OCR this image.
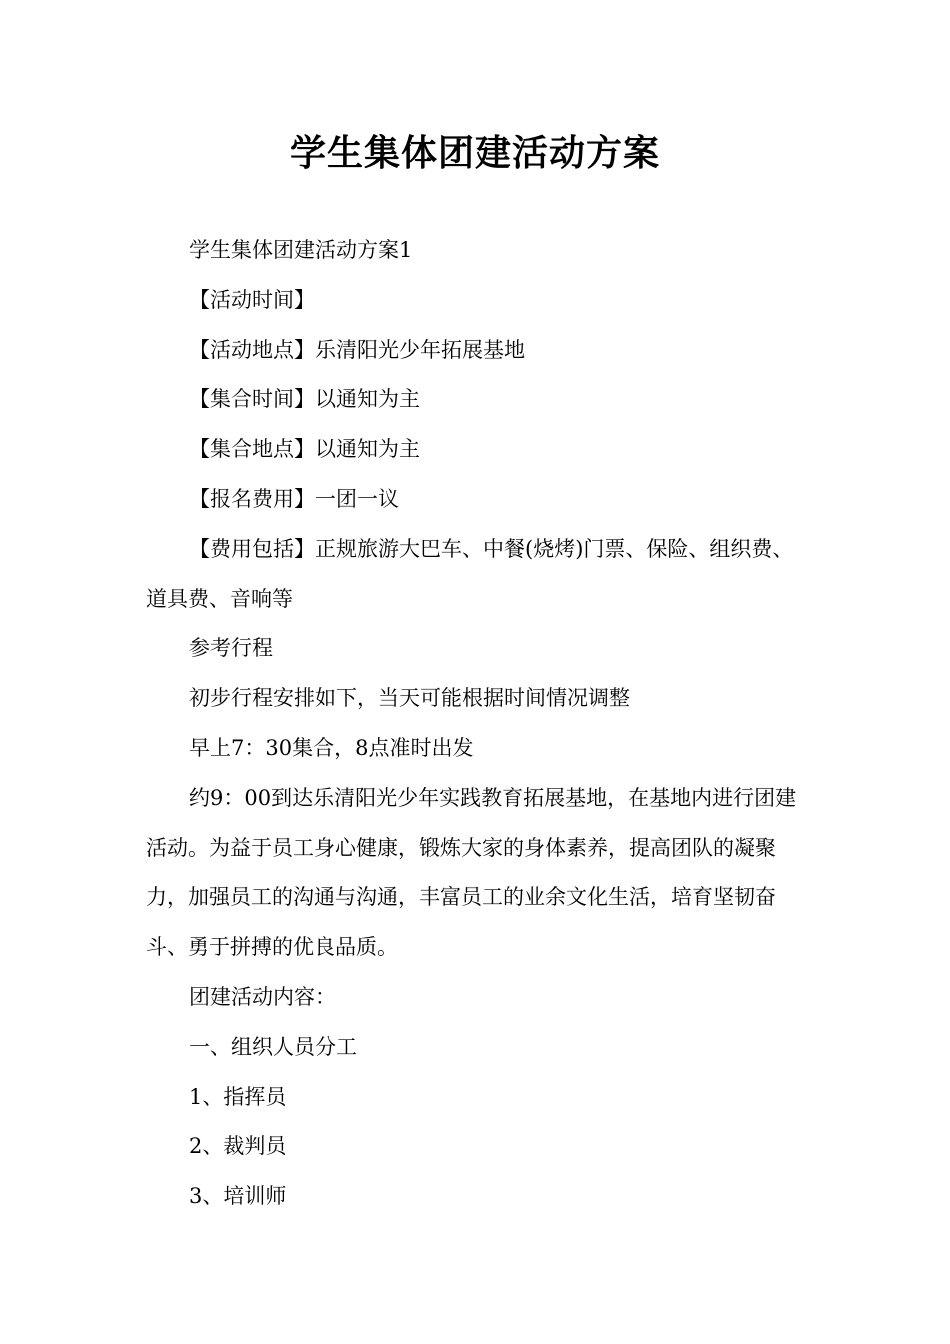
学生集体团建活动方案

学生集体团建活动方案1

【活动时间】

【活动地点】乐清阳光少年拓展基地

【集合时间】以通知为主

【集合地点】以通知为主

【报名费用】一团一议

【费用包括】正规旅游大巴车、中餐(烧烤)门票、保险、组织费、道具费、音响等

参考行程

初步行程安排如下，当天可能根据时间情况调整

早上7：30集合，8点准时出发

约9：00到达乐清阳光少年实践教育拓展基地，在基地内进行团建活动。为益于员工身心健康，锻炼大家的身体素养，提高团队的凝聚力，加强员工的沟通与沟通，丰富员工的业余文化生活，培育坚韧奋斗、勇于拼搏的优良品质。

团建活动内容：

一、组织人员分工

1、指挥员

2、裁判员

3、培训师
